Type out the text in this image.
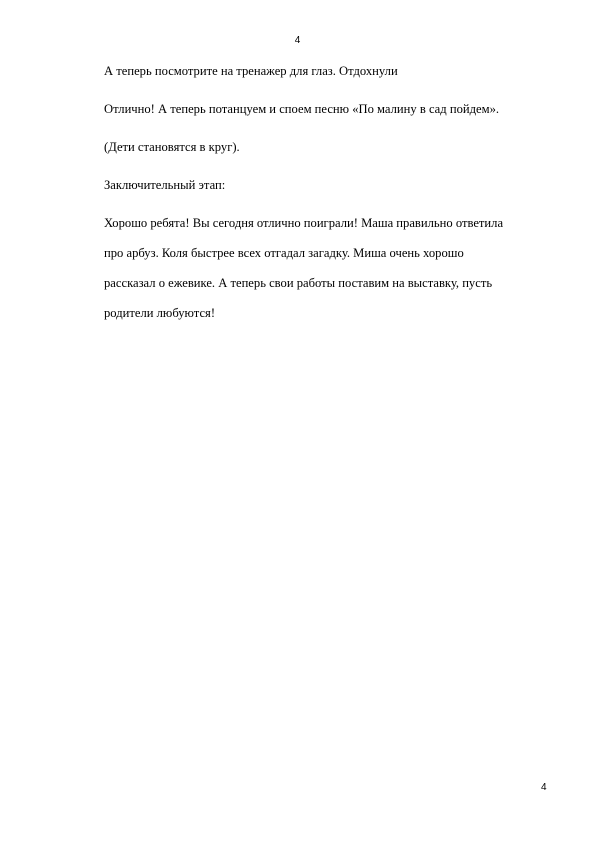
4

А теперь посмотрите на тренажер для глаз. Отдохнули

Отлично! А теперь потанцуем и споем песню «По малину в сад пойдем».

(Дети становятся в круг).

Заключительный этап:

Хорошо ребята! Вы сегодня отлично поиграли! Маша правильно ответила

про арбуз. Коля быстрее всех отгадал загадку. Миша очень хорошо

рассказал о ежевике. А теперь свои работы поставим на выставку, пусть

родители любуются!

4
